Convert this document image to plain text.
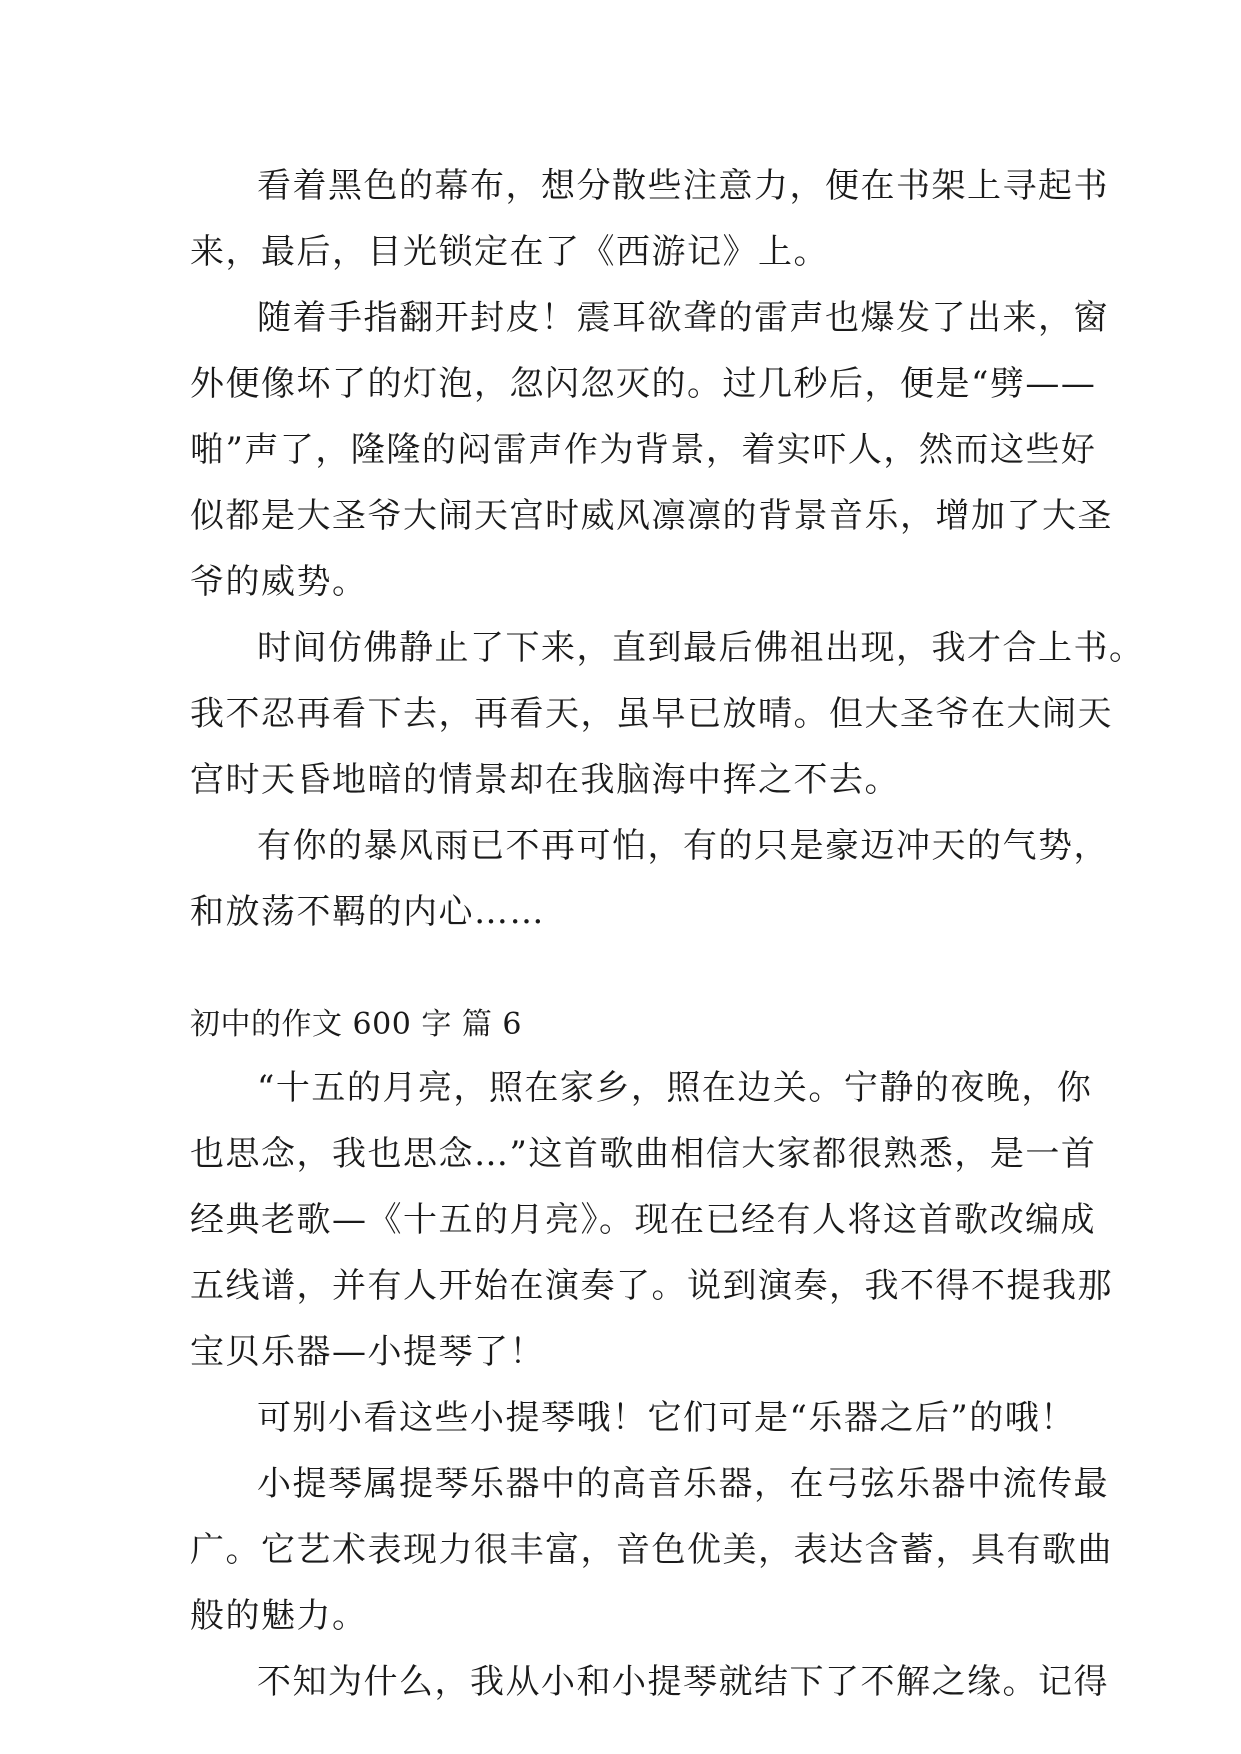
看着黑色的幕布，想分散些注意力，便在书架上寻起书
来，最后，目光锁定在了《西游记》上。
随着手指翻开封皮！震耳欲聋的雷声也爆发了出来，窗
外便像坏了的灯泡，忽闪忽灭的。过几秒后，便是“劈——
啪”声了，隆隆的闷雷声作为背景，着实吓人，然而这些好
似都是大圣爷大闹天宫时威风凛凛的背景音乐，增加了大圣
爷的威势。
时间仿佛静止了下来，直到最后佛祖出现，我才合上书。
我不忍再看下去，再看天，虽早已放晴。但大圣爷在大闹天
宫时天昏地暗的情景却在我脑海中挥之不去。
有你的暴风雨已不再可怕，有的只是豪迈冲天的气势，
和放荡不羁的内心……
初中的作文 600 字 篇 6
“十五的月亮，照在家乡，照在边关。宁静的夜晚，你
也思念，我也思念…”这首歌曲相信大家都很熟悉，是一首
经典老歌—《十五的月亮》。现在已经有人将这首歌改编成
五线谱，并有人开始在演奏了。说到演奏，我不得不提我那
宝贝乐器—小提琴了！
可别小看这些小提琴哦！它们可是“乐器之后”的哦！
小提琴属提琴乐器中的高音乐器，在弓弦乐器中流传最
广。它艺术表现力很丰富，音色优美，表达含蓄，具有歌曲
般的魅力。
不知为什么，我从小和小提琴就结下了不解之缘。记得
